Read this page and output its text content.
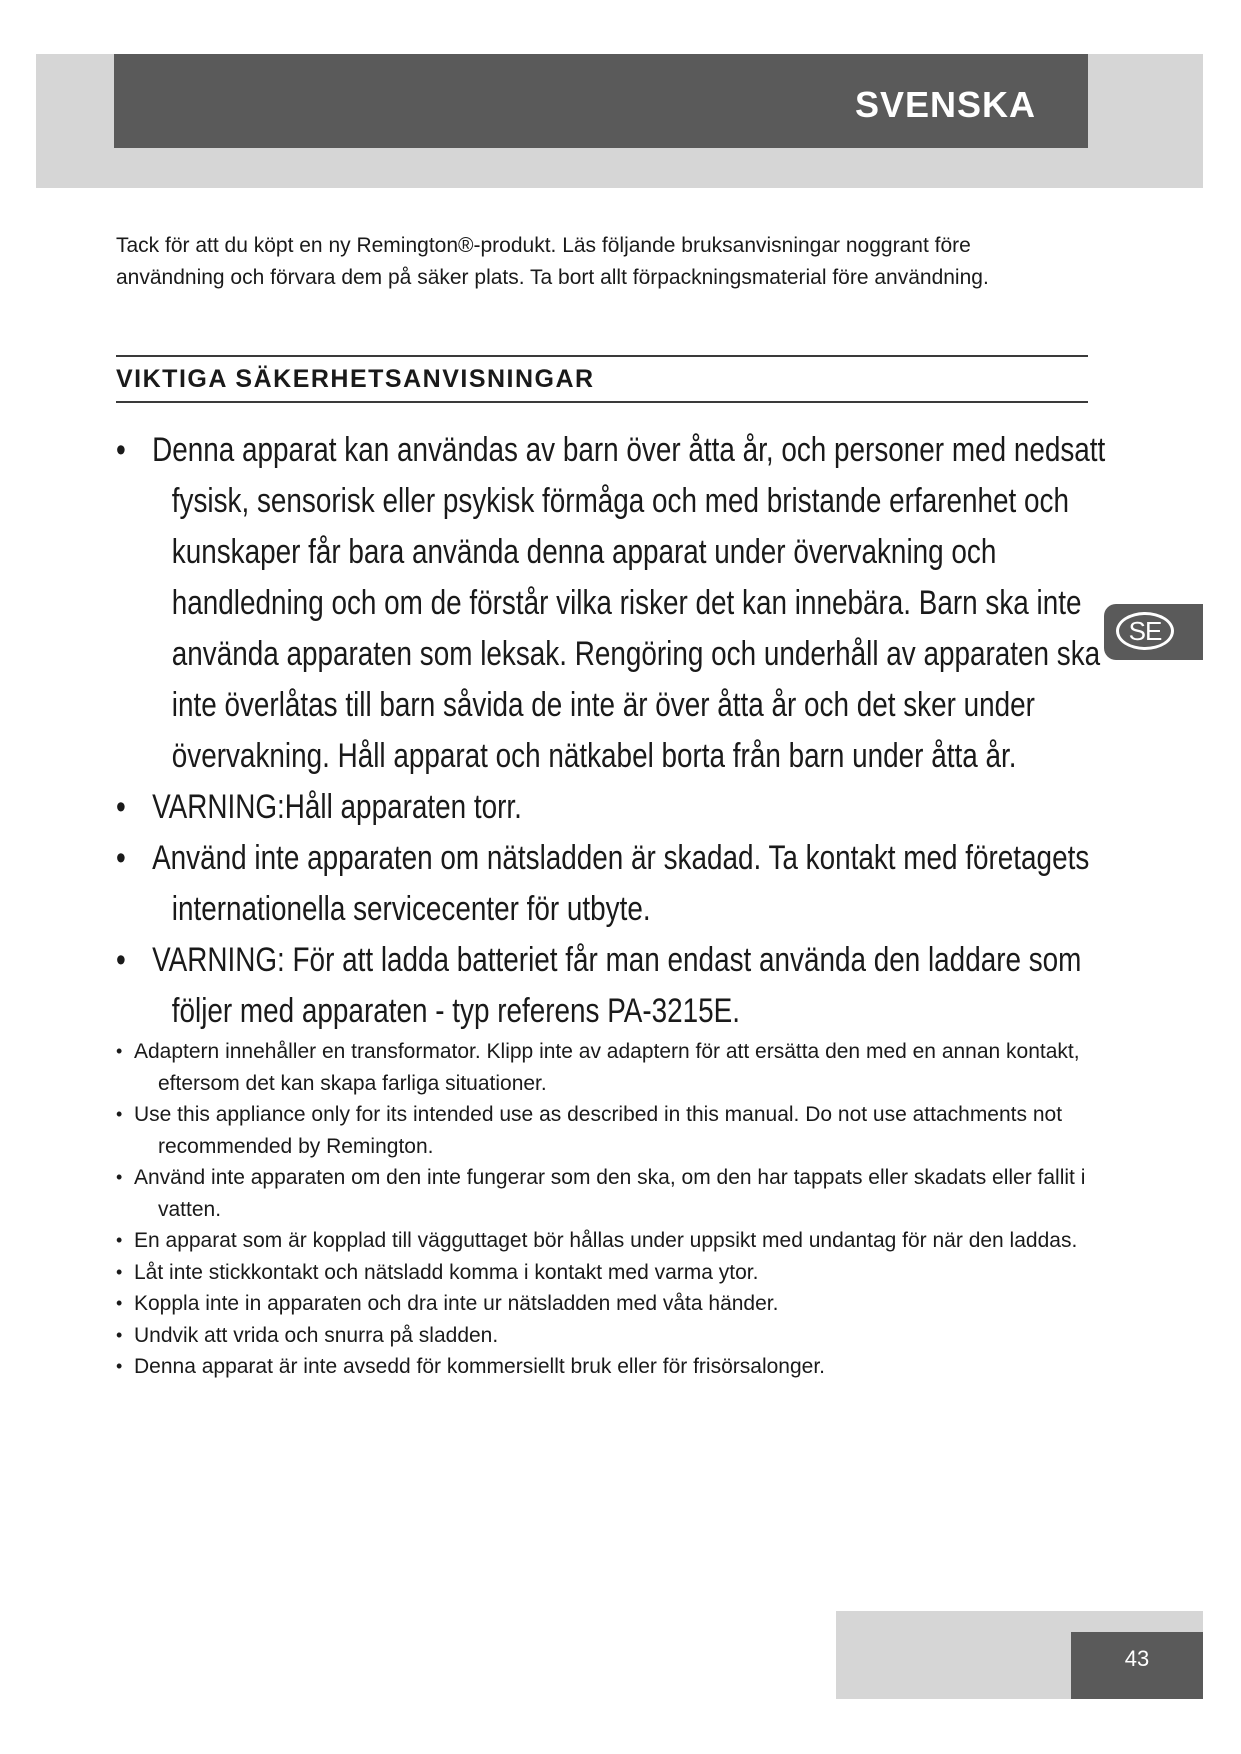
SVENSKA
Tack för att du köpt en ny Remington®-produkt. Läs följande bruksanvisningar noggrant före användning och förvara dem på säker plats. Ta bort allt förpackningsmaterial före användning.
VIKTIGA SÄKERHETSANVISNINGAR
• Denna apparat kan användas av barn över åtta år, och personer med nedsatt fysisk, sensorisk eller psykisk förmåga och med bristande erfarenhet och kunskaper får bara använda denna apparat under övervakning och handledning och om de förstår vilka risker det kan innebära. Barn ska inte använda apparaten som leksak. Rengöring och underhåll av apparaten ska inte överlåtas till barn såvida de inte är över åtta år och det sker under övervakning. Håll apparat och nätkabel borta från barn under åtta år.
• VARNING:Håll apparaten torr.
• Använd inte apparaten om nätsladden är skadad. Ta kontakt med företagets internationella servicecenter för utbyte.
• VARNING: För att ladda batteriet får man endast använda den laddare som följer med apparaten - typ referens PA-3215E.
• Adaptern innehåller en transformator. Klipp inte av adaptern för att ersätta den med en annan kontakt, eftersom det kan skapa farliga situationer.
• Use this appliance only for its intended use as described in this manual. Do not use attachments not recommended by Remington.
• Använd inte apparaten om den inte fungerar som den ska, om den har tappats eller skadats eller fallit i vatten.
• En apparat som är kopplad till vägguttaget bör hållas under uppsikt med undantag för när den laddas.
• Låt inte stickkontakt och nätsladd komma i kontakt med varma ytor.
• Koppla inte in apparaten och dra inte ur nätsladden med våta händer.
• Undvik att vrida och snurra på sladden.
• Denna apparat är inte avsedd för kommersiellt bruk eller för frisörsalonger.
SE
43
